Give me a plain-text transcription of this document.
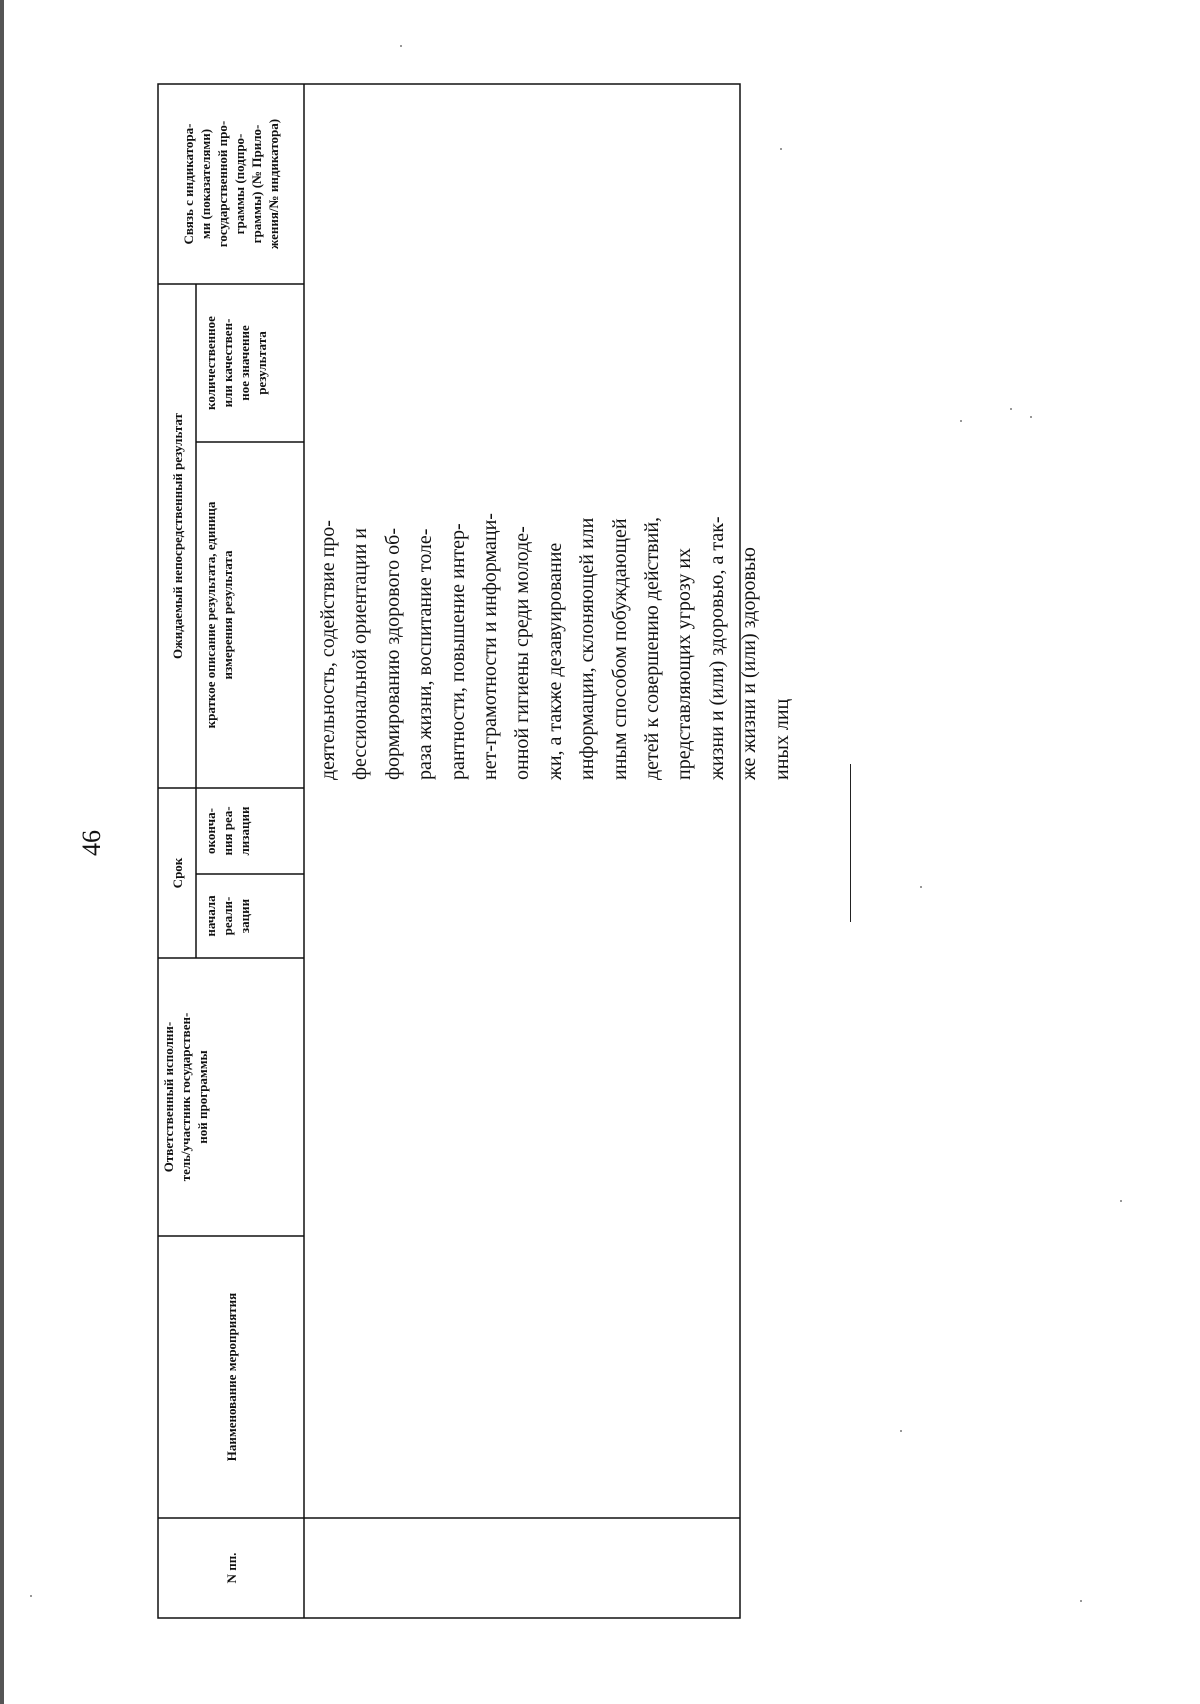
46
N пп.
Наименование мероприятия
Ответственный исполни-
тель/участник государствен-
ной программы
Срок
начала
реали-
зации
оконча-
ния реа-
лизации
Ожидаемый непосредственный результат
краткое описание результата, единица
измерения результата
количественное
или качествен-
ное значение
результата
Связь с индикатора-
ми (показателями)
государственной про-
граммы (подпро-
граммы) (№ Прило-
жения/№ индикатора)
деятельность, содействие про-
фессиональной ориентации и
формированию здорового об-
раза жизни, воспитание толе-
рантности, повышение интер-
нет-грамотности и информаци-
онной гигиены среди молоде-
жи, а также дезавуирование
информации, склоняющей или
иным способом побуждающей
детей к совершению действий,
представляющих угрозу их
жизни и (или) здоровью, а так-
же жизни и (или) здоровью
иных лиц
